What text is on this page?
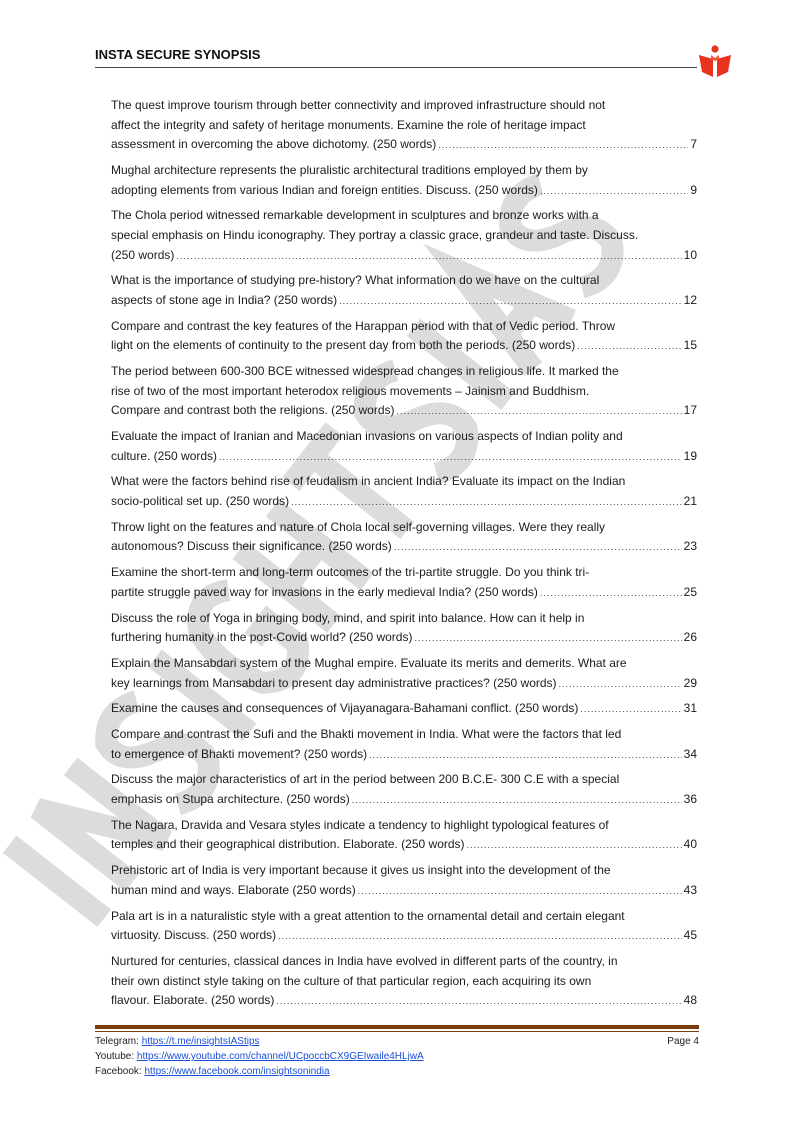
INSTA SECURE SYNOPSIS
The quest improve tourism through better connectivity and improved infrastructure should not
affect the integrity and safety of heritage monuments. Examine the role of heritage impact
assessment in overcoming the above dichotomy. (250 words) .....	7
Mughal architecture represents the pluralistic architectural traditions employed by them by
adopting elements from various Indian and foreign entities. Discuss. (250 words) .....	9
The Chola period witnessed remarkable development in sculptures and bronze works with a
special emphasis on Hindu iconography. They portray a classic grace, grandeur and taste. Discuss.
(250 words) .....	10
What is the importance of studying pre-history? What information do we have on the cultural
aspects of stone age in India? (250 words) .....	12
Compare and contrast the key features of the Harappan period with that of Vedic period. Throw
light on the elements of continuity to the present day from both the periods. (250 words) .....	15
The period between 600-300 BCE witnessed widespread changes in religious life. It marked the
rise of two of the most important heterodox religious movements – Jainism and Buddhism.
Compare and contrast both the religions. (250 words) .....	17
Evaluate the impact of Iranian and Macedonian invasions on various aspects of Indian polity and
culture. (250 words) .....	19
What were the factors behind rise of feudalism in ancient India? Evaluate its impact on the Indian
socio-political set up. (250 words) .....	21
Throw light on the features and nature of Chola local self-governing villages. Were they really
autonomous? Discuss their significance. (250 words) .....	23
Examine the short-term and long-term outcomes of the tri-partite struggle. Do you think tri-
partite struggle paved way for invasions in the early medieval India? (250 words) .....	25
Discuss the role of Yoga in bringing body, mind, and spirit into balance. How can it help in
furthering humanity in the post-Covid world? (250 words) .....	26
Explain the Mansabdari system of the Mughal empire. Evaluate its merits and demerits. What are
key learnings from Mansabdari to present day administrative practices? (250 words) .....	29
Examine the causes and consequences of Vijayanagara-Bahamani conflict. (250 words) .....	31
Compare and contrast the Sufi and the Bhakti movement in India. What were the factors that led
to emergence of Bhakti movement? (250 words) .....	34
Discuss the major characteristics of art in the period between 200 B.C.E- 300 C.E with a special
emphasis on Stupa architecture. (250 words) .....	36
The Nagara, Dravida and Vesara styles indicate a tendency to highlight typological features of
temples and their geographical distribution. Elaborate. (250 words) .....	40
Prehistoric art of India is very important because it gives us insight into the development of the
human mind and ways. Elaborate (250 words) .....	43
Pala art is in a naturalistic style with a great attention to the ornamental detail and certain elegant
virtuosity. Discuss. (250 words) .....	45
Nurtured for centuries, classical dances in India have evolved in different parts of the country, in
their own distinct style taking on the culture of that particular region, each acquiring its own
flavour. Elaborate. (250 words) .....	48
Telegram: https://t.me/insightsIAStips
Youtube: https://www.youtube.com/channel/UCpoccbCX9GEIwaile4HLjwA
Facebook: https://www.facebook.com/insightsonindia
Page 4
